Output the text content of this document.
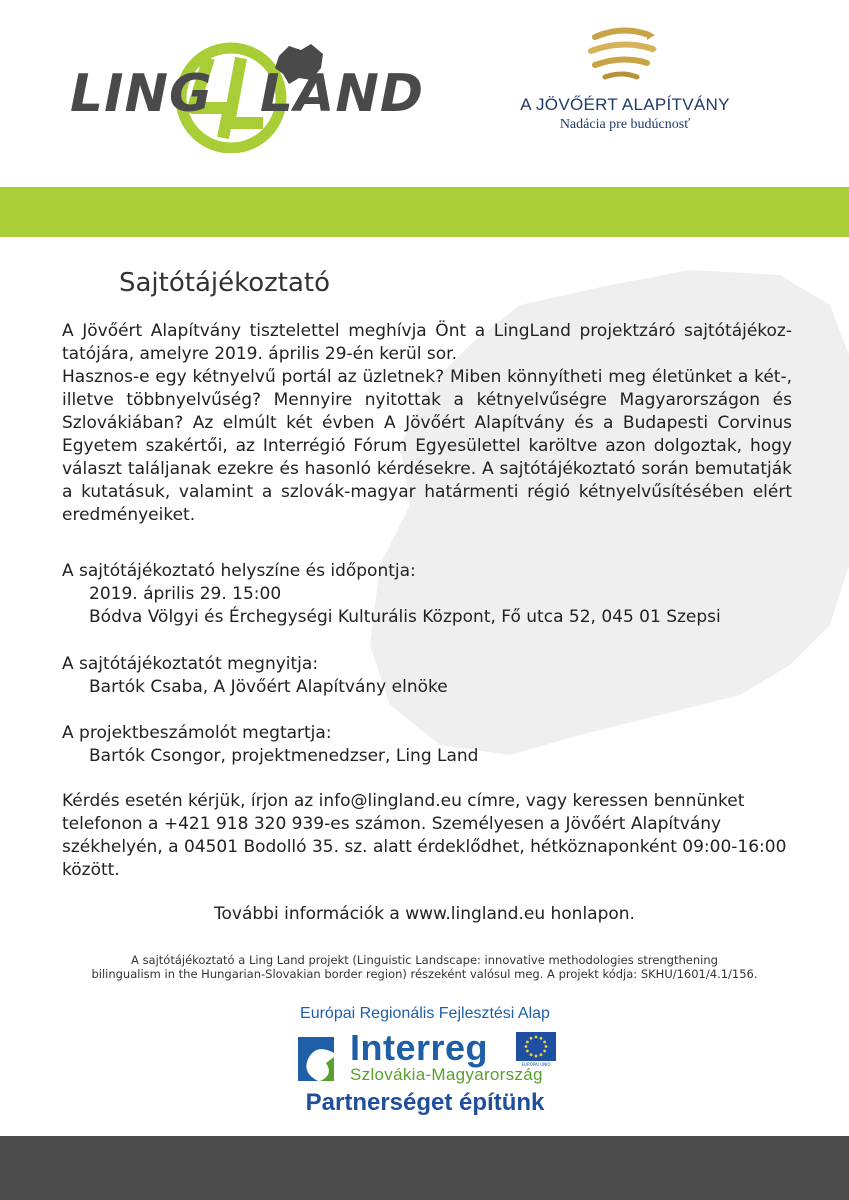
LING LAND	A JÖVŐÉRT ALAPÍTVÁNY
Nadácia pre budúcnosť
Sajtótájékoztató

A Jövőért Alapítvány tisztelettel meghívja Önt a LingLand projektzáró sajtótájékoztatójára, amelyre 2019. április 29-én kerül sor.

Hasznos-e egy kétnyelvű portál az üzletnek? Miben könnyítheti meg életünket a két-, illetve többnyelvűség? Mennyire nyitottak a kétnyelvűségre Magyarországon és Szlovákiában? Az elmúlt két évben A Jövőért Alapítvány és a Budapesti Corvinus Egyetem szakértői, az Interrégió Fórum Egyesülettel karöltve azon dolgoztak, hogy választ találjanak ezekre és hasonló kérdésekre. A sajtótájékoztató során bemutatják a kutatásuk, valamint a szlovák-magyar határmenti régió kétnyelvűsítésében elért eredményeiket.

A sajtótájékoztató helyszíne és időpontja:
2019. április 29. 15:00
Bódva Völgyi és Érchegységi Kulturális Központ, Fő utca 52, 045 01 Szepsi
A sajtótájékoztatót megnyitja:
Bartók Csaba, A Jövőért Alapítvány elnöke
A projektbeszámolót megtartja:
Bartók Csongor, projektmenedzser, Ling Land

Kérdés esetén kérjük, írjon az info@lingland.eu címre, vagy keressen bennünket telefonon a +421 918 320 939-es számon. Személyesen a Jövőért Alapítvány székhelyén, a 04501 Bodolló 35. sz. alatt érdeklődhet, hétköznaponként 09:00-16:00 között.

További információk a www.lingland.eu honlapon.

A sajtótájékoztató a Ling Land projekt (Linguistic Landscape: innovative methodologies strengthening

bilingualism in the Hungarian-Slovakian border region) részeként valósul meg. A projekt kódja: SKHU/1601/4.1/156.

Európai Regionális Fejlesztési Alap
Interreg	EURÓPAI UNIÓ
Szlovákia-Magyarország
Partnerséget építünk
